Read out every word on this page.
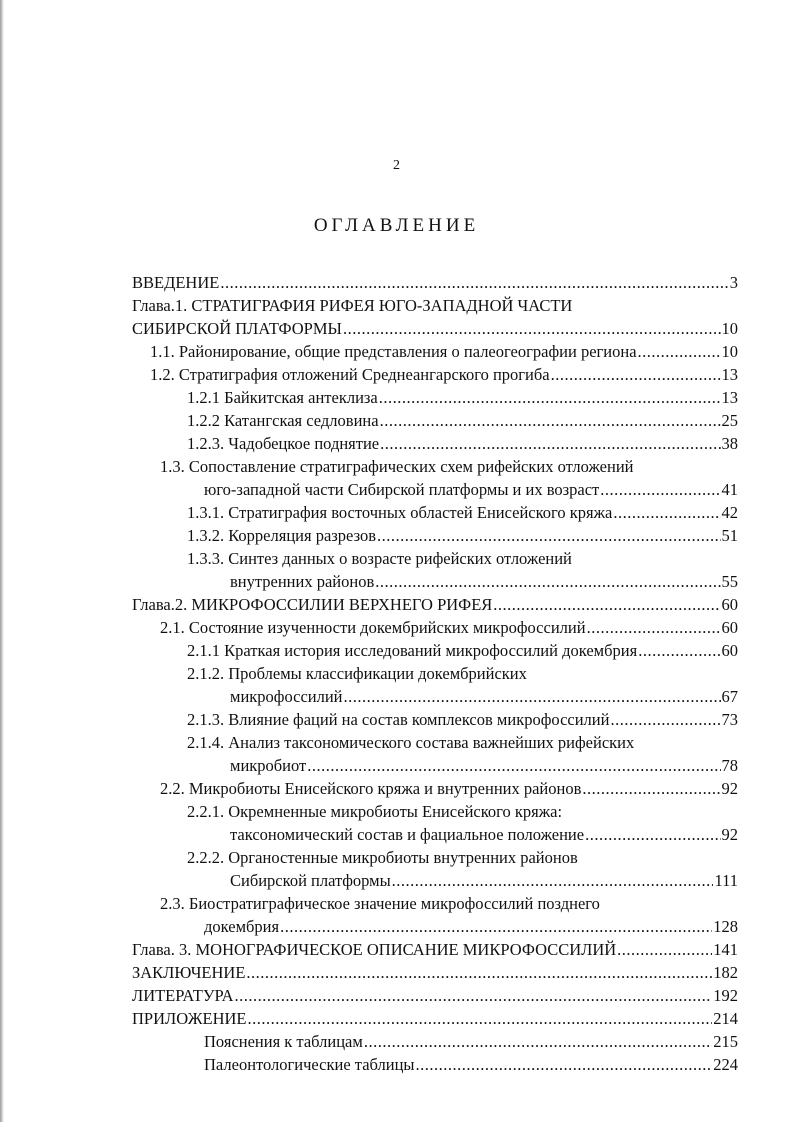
2
ОГЛАВЛЕНИЕ
ВВЕДЕНИЕ .....	3
Глава.1. СТРАТИГРАФИЯ РИФЕЯ ЮГО-ЗАПАДНОЙ ЧАСТИ
СИБИРСКОЙ ПЛАТФОРМЫ .....	10
1.1. Районирование, общие представления о палеогеографии региона .....	10
1.2. Стратиграфия отложений Среднеангарского прогиба .....	13
1.2.1 Байкитская антеклиза .....	13
1.2.2 Катангская седловина .....	25
1.2.3. Чадобецкое поднятие .....	38
1.3. Сопоставление стратиграфических схем рифейских отложений
юго-западной части Сибирской платформы и их возраст .....	41
1.3.1. Стратиграфия восточных областей Енисейского кряжа .....	42
1.3.2. Корреляция разрезов .....	51
1.3.3. Синтез данных о возрасте рифейских отложений
внутренних районов .....	55
Глава.2. МИКРОФОССИЛИИ ВЕРХНЕГО РИФЕЯ .....	60
2.1. Состояние изученности докембрийских микрофоссилий .....	60
2.1.1 Краткая история исследований микрофоссилий докембрия .....	60
2.1.2. Проблемы классификации докембрийских
микрофоссилий .....	67
2.1.3. Влияние фаций на состав комплексов микрофоссилий .....	73
2.1.4. Анализ таксономического состава важнейших рифейских
микробиот .....	78
2.2. Микробиоты Енисейского кряжа и внутренних районов .....	92
2.2.1. Окремненные микробиоты Енисейского кряжа:
таксономический состав и фациальное положение .....	92
2.2.2. Органостенные микробиоты внутренних районов
Сибирской платформы .....	111
2.3. Биостратиграфическое значение микрофоссилий позднего
докембрия .....	128
Глава. 3. МОНОГРАФИЧЕСКОЕ ОПИСАНИЕ МИКРОФОССИЛИЙ .....	141
ЗАКЛЮЧЕНИЕ .....	182
ЛИТЕРАТУРА .....	192
ПРИЛОЖЕНИЕ .....	214
Пояснения к таблицам .....	215
Палеонтологические таблицы .....	224
